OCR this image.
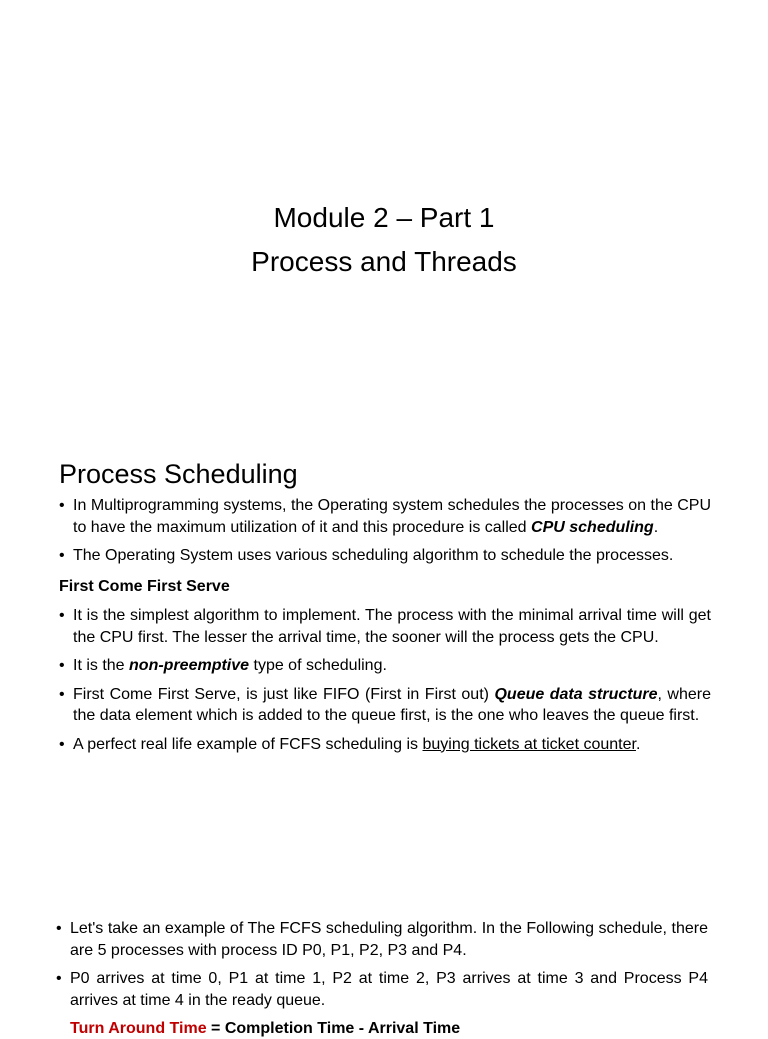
Module 2 – Part 1
Process and Threads
Process Scheduling
• In Multiprogramming systems, the Operating system schedules the processes on the CPU to have the maximum utilization of it and this procedure is called CPU scheduling.
• The Operating System uses various scheduling algorithm to schedule the processes.
First Come First Serve
• It is the simplest algorithm to implement. The process with the minimal arrival time will get the CPU first. The lesser the arrival time, the sooner will the process gets the CPU.
• It is the non-preemptive type of scheduling.
• First Come First Serve, is just like FIFO (First in First out) Queue data structure, where the data element which is added to the queue first, is the one who leaves the queue first.
• A perfect real life example of FCFS scheduling is buying tickets at ticket counter.
• Let's take an example of The FCFS scheduling algorithm. In the Following schedule, there are 5 processes with process ID P0, P1, P2, P3 and P4.
• P0 arrives at time 0, P1 at time 1, P2 at time 2, P3 arrives at time 3 and Process P4 arrives at time 4 in the ready queue.
Turn Around Time = Completion Time - Arrival Time
